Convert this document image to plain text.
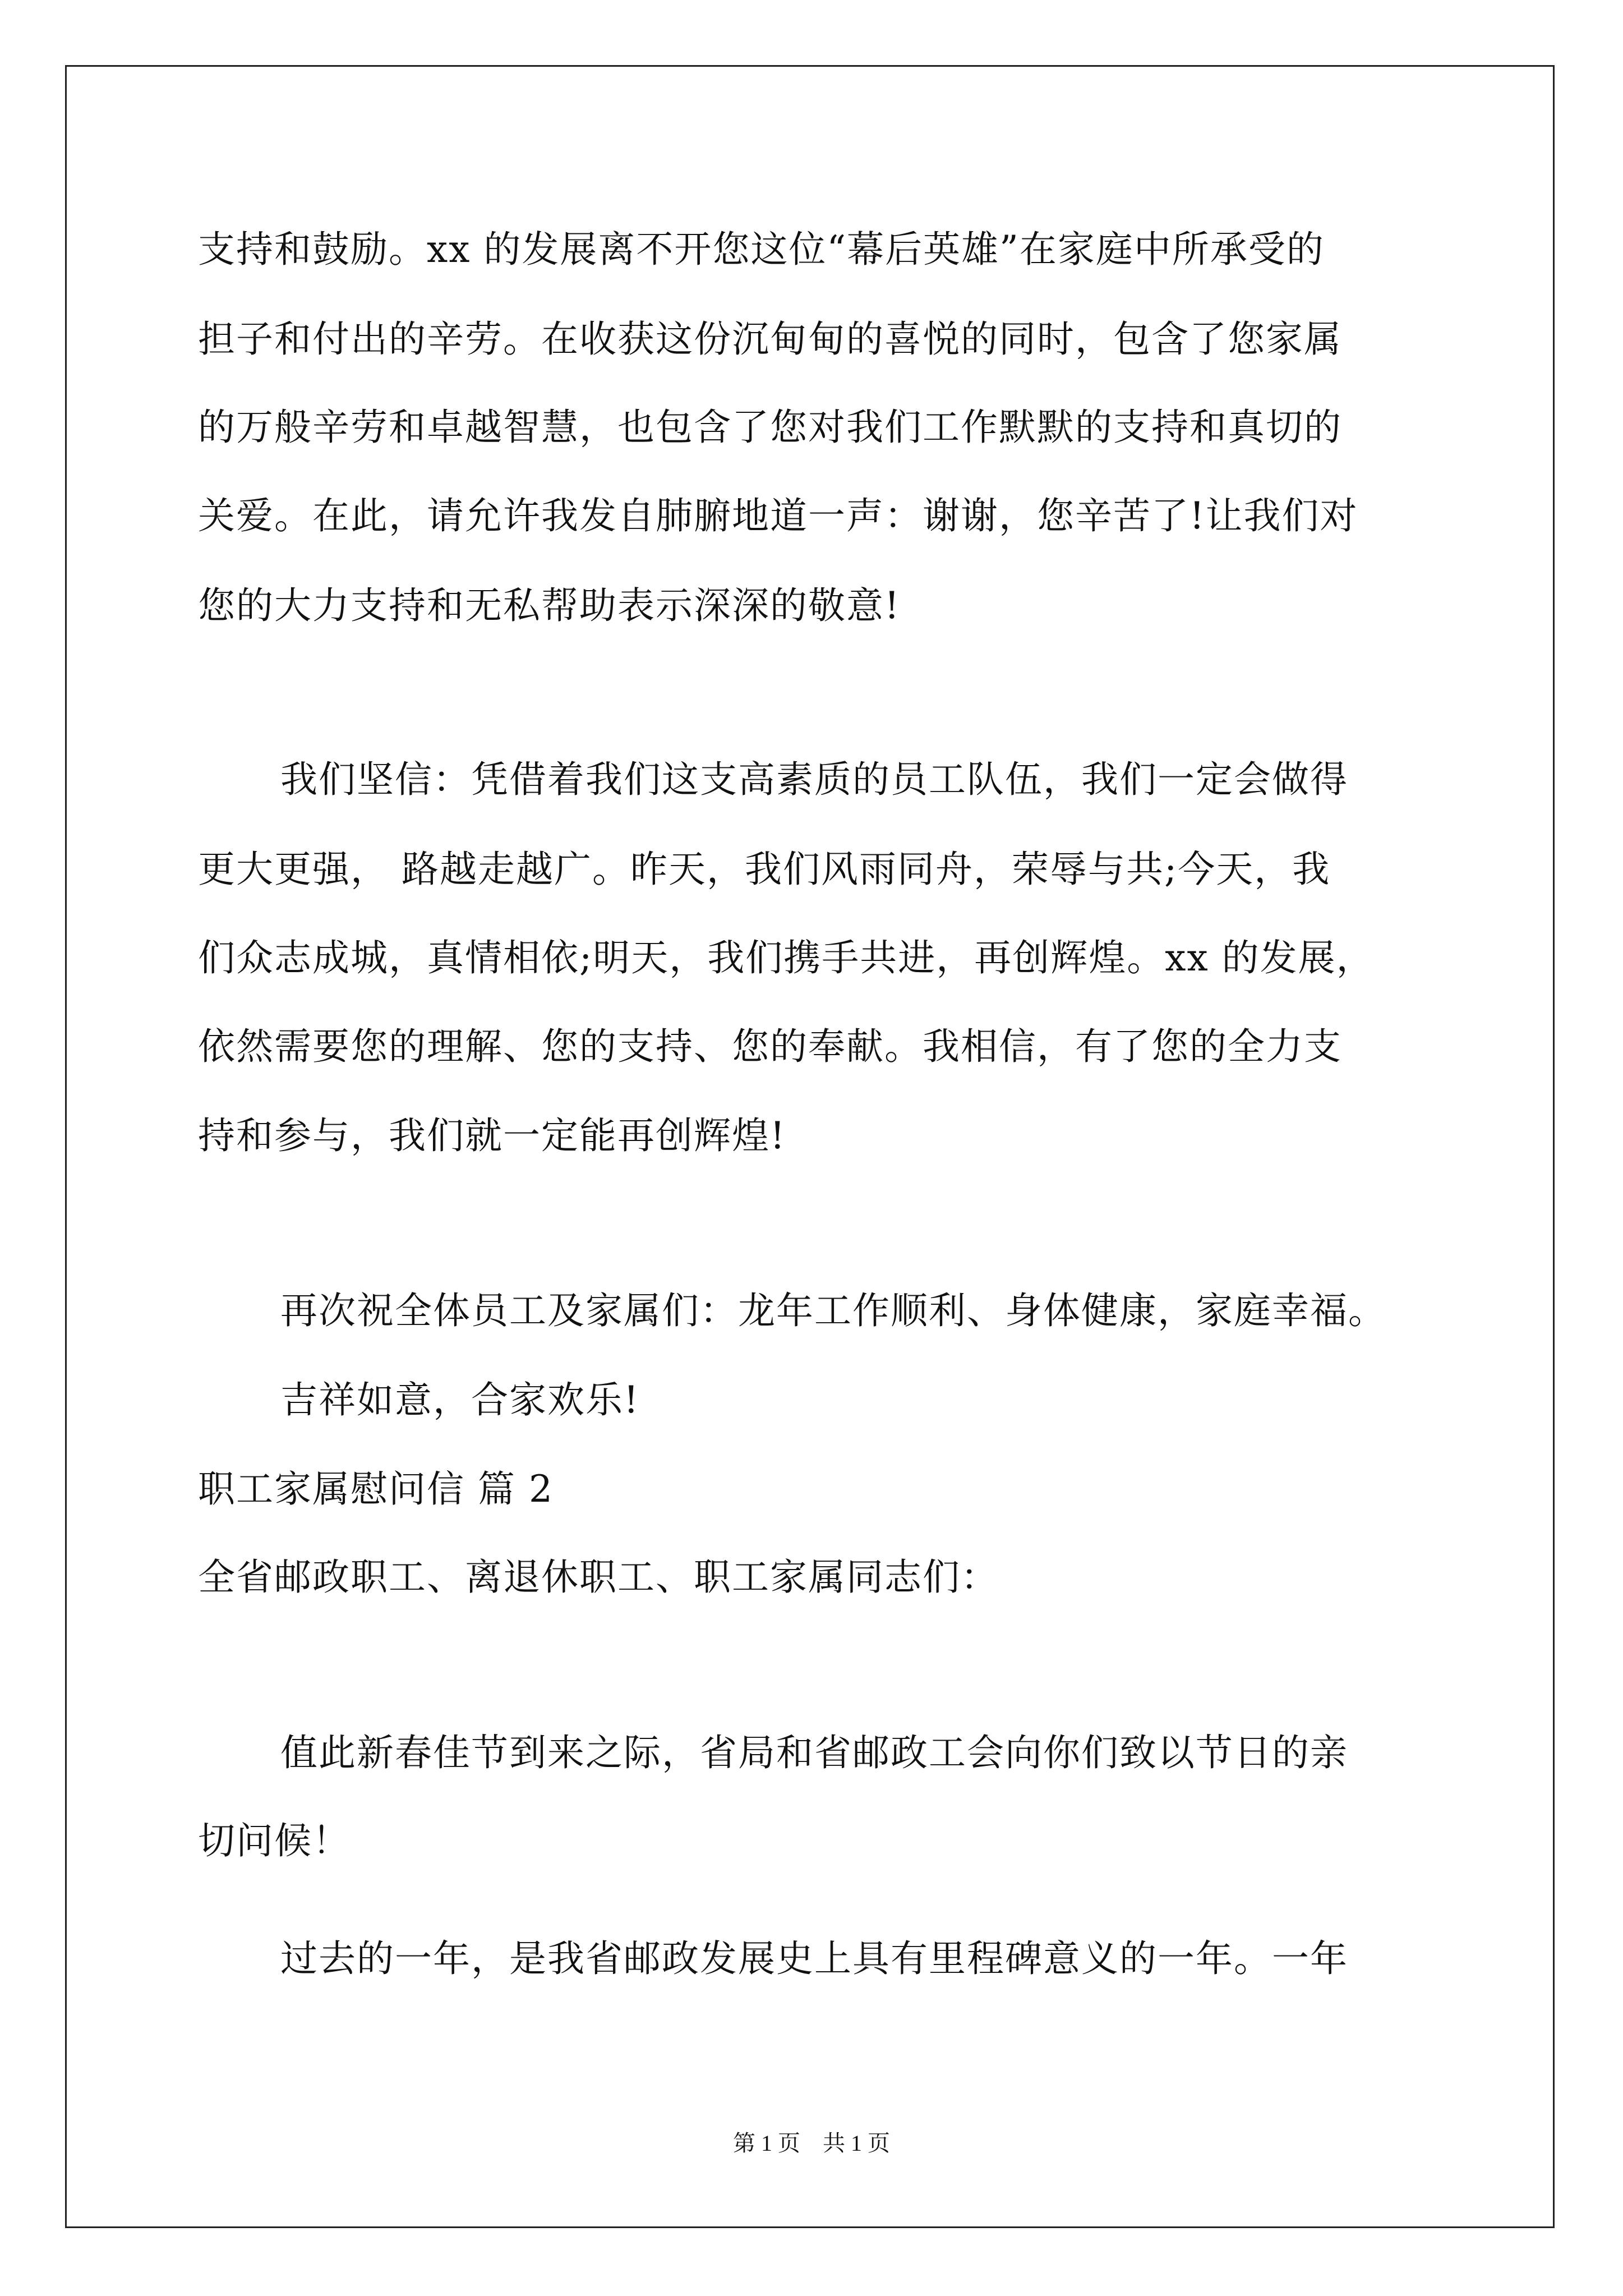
支持和鼓励。xx 的发展离不开您这位“幕后英雄”在家庭中所承受的
担子和付出的辛劳。在收获这份沉甸甸的喜悦的同时，包含了您家属
的万般辛劳和卓越智慧，也包含了您对我们工作默默的支持和真切的
关爱。在此，请允许我发自肺腑地道一声：谢谢，您辛苦了!让我们对
您的大力支持和无私帮助表示深深的敬意!
我们坚信：凭借着我们这支高素质的员工队伍，我们一定会做得
更大更强， 路越走越广。昨天，我们风雨同舟，荣辱与共;今天，我
们众志成城，真情相依;明天，我们携手共进，再创辉煌。xx 的发展，
依然需要您的理解、您的支持、您的奉献。我相信，有了您的全力支
持和参与，我们就一定能再创辉煌!
再次祝全体员工及家属们：龙年工作顺利、身体健康，家庭幸福。
吉祥如意，合家欢乐!
职工家属慰问信 篇 2
全省邮政职工、离退休职工、职工家属同志们：
值此新春佳节到来之际，省局和省邮政工会向你们致以节日的亲
切问候！
过去的一年，是我省邮政发展史上具有里程碑意义的一年。一年
第 1 页　共 1 页
